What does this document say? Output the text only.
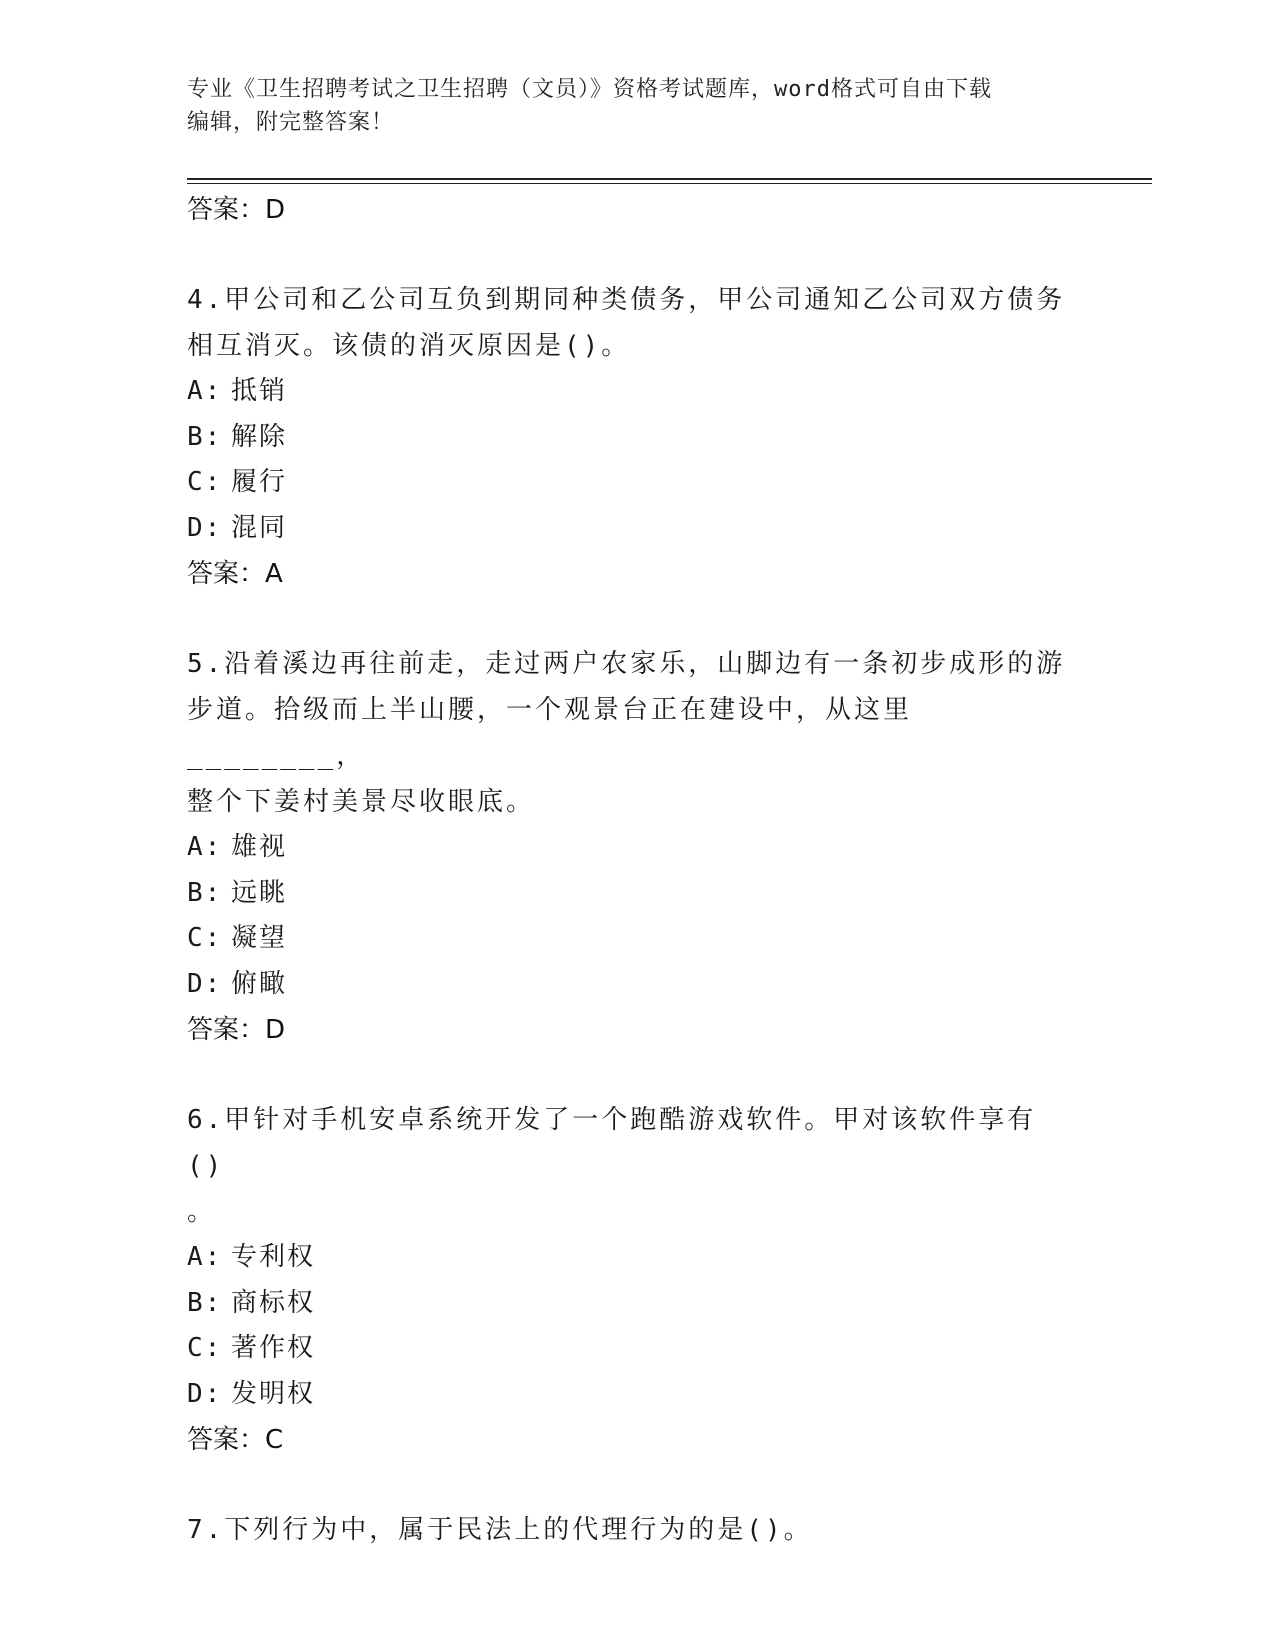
专业《卫生招聘考试之卫生招聘（文员）》资格考试题库，word格式可自由下载
编辑，附完整答案！
答案：D
4.甲公司和乙公司互负到期同种类债务，甲公司通知乙公司双方债务
相互消灭。该债的消灭原因是()。
A: 抵销
B: 解除
C: 履行
D: 混同
答案：A
5.沿着溪边再往前走，走过两户农家乐，山脚边有一条初步成形的游
步道。拾级而上半山腰，一个观景台正在建设中，从这里________，
整个下姜村美景尽收眼底。
A: 雄视
B: 远眺
C: 凝望
D: 俯瞰
答案：D
6.甲针对手机安卓系统开发了一个跑酷游戏软件。甲对该软件享有()
。
A: 专利权
B: 商标权
C: 著作权
D: 发明权
答案：C
7.下列行为中，属于民法上的代理行为的是()。
